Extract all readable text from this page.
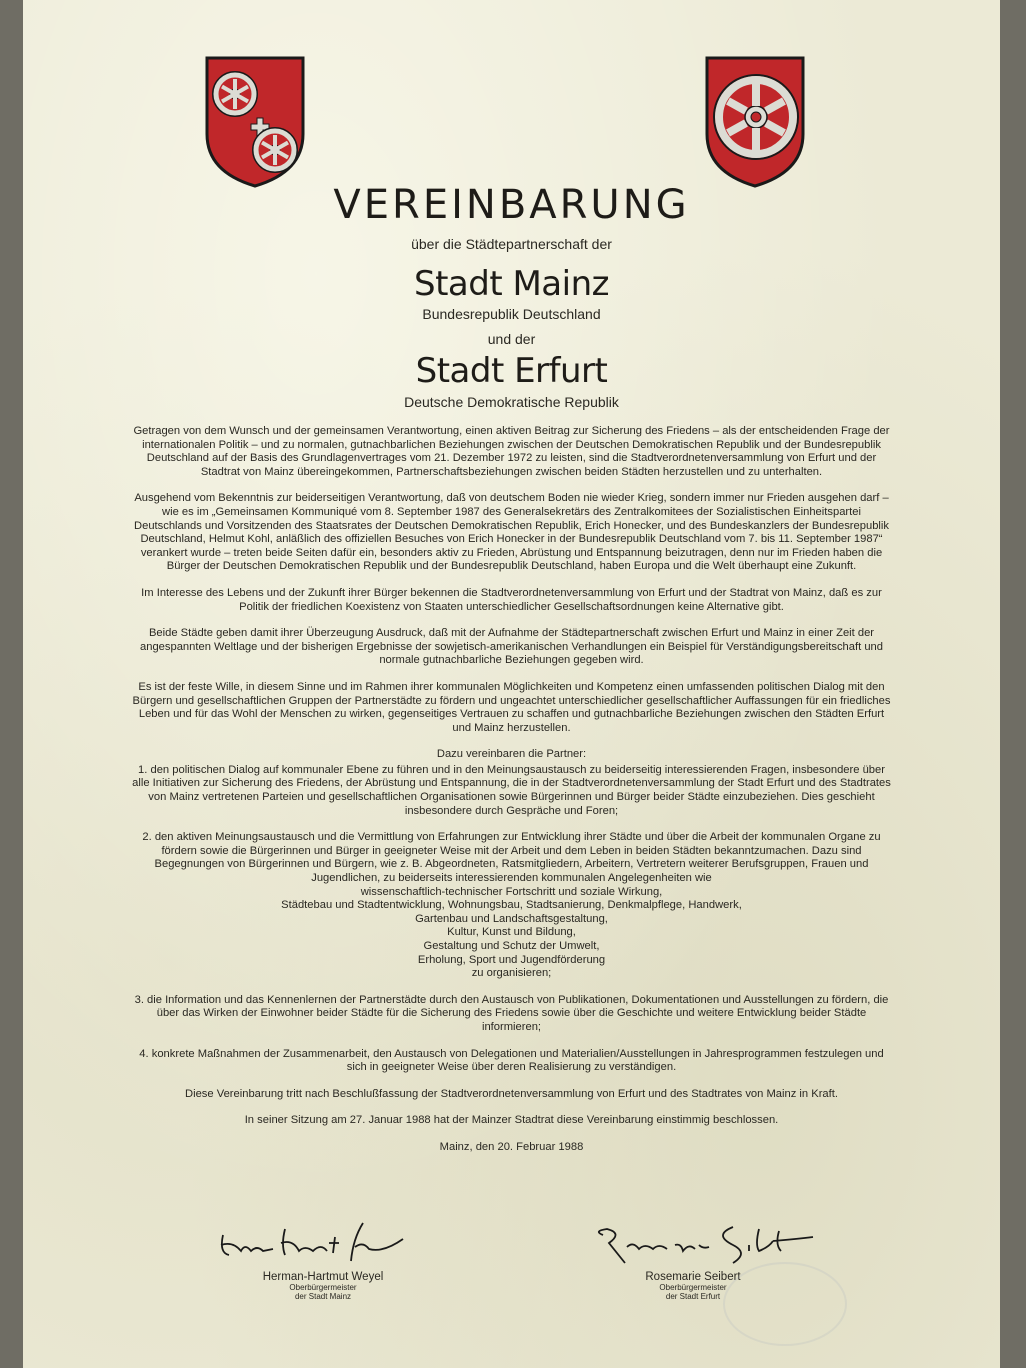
VEREINBARUNG
über die Städtepartnerschaft der
Stadt Mainz
Bundesrepublik Deutschland
und der
Stadt Erfurt
Deutsche Demokratische Republik

Getragen von dem Wunsch und der gemeinsamen Verantwortung, einen aktiven Beitrag zur Sicherung des Friedens – als der entscheidenden Frage der internationalen Politik – und zu normalen, gutnachbarlichen Beziehungen zwischen der Deutschen Demokratischen Republik und der Bundesrepublik Deutschland auf der Basis des Grundlagenvertrages vom 21. Dezember 1972 zu leisten, sind die Stadtverordnetenversammlung von Erfurt und der Stadtrat von Mainz übereingekommen, Partnerschaftsbeziehungen zwischen beiden Städten herzustellen und zu unterhalten.

Ausgehend vom Bekenntnis zur beiderseitigen Verantwortung, daß von deutschem Boden nie wieder Krieg, sondern immer nur Frieden ausgehen darf – wie es im „Gemeinsamen Kommuniqué vom 8. September 1987 des Generalsekretärs des Zentralkomitees der Sozialistischen Einheitspartei Deutschlands und Vorsitzenden des Staatsrates der Deutschen Demokratischen Republik, Erich Honecker, und des Bundeskanzlers der Bundesrepublik Deutschland, Helmut Kohl, anläßlich des offiziellen Besuches von Erich Honecker in der Bundesrepublik Deutschland vom 7. bis 11. September 1987“ verankert wurde – treten beide Seiten dafür ein, besonders aktiv zu Frieden, Abrüstung und Entspannung beizutragen, denn nur im Frieden haben die Bürger der Deutschen Demokratischen Republik und der Bundesrepublik Deutschland, haben Europa und die Welt überhaupt eine Zukunft.

Im Interesse des Lebens und der Zukunft ihrer Bürger bekennen die Stadtverordnetenversammlung von Erfurt und der Stadtrat von Mainz, daß es zur Politik der friedlichen Koexistenz von Staaten unterschiedlicher Gesellschaftsordnungen keine Alternative gibt.

Beide Städte geben damit ihrer Überzeugung Ausdruck, daß mit der Aufnahme der Städtepartnerschaft zwischen Erfurt und Mainz in einer Zeit der angespannten Weltlage und der bisherigen Ergebnisse der sowjetisch-amerikanischen Verhandlungen ein Beispiel für Verständigungsbereitschaft und normale gutnachbarliche Beziehungen gegeben wird.

Es ist der feste Wille, in diesem Sinne und im Rahmen ihrer kommunalen Möglichkeiten und Kompetenz einen umfassenden politischen Dialog mit den Bürgern und gesellschaftlichen Gruppen der Partnerstädte zu fördern und ungeachtet unterschiedlicher gesellschaftlicher Auffassungen für ein friedliches Leben und für das Wohl der Menschen zu wirken, gegenseitiges Vertrauen zu schaffen und gutnachbarliche Beziehungen zwischen den Städten Erfurt und Mainz herzustellen.

Dazu vereinbaren die Partner:

1. den politischen Dialog auf kommunaler Ebene zu führen und in den Meinungsaustausch zu beiderseitig interessierenden Fragen, insbesondere über alle Initiativen zur Sicherung des Friedens, der Abrüstung und Entspannung, die in der Stadtverordnetenversammlung der Stadt Erfurt und des Stadtrates von Mainz vertretenen Parteien und gesellschaftlichen Organisationen sowie Bürgerinnen und Bürger beider Städte einzubeziehen. Dies geschieht insbesondere durch Gespräche und Foren;

2. den aktiven Meinungsaustausch und die Vermittlung von Erfahrungen zur Entwicklung ihrer Städte und über die Arbeit der kommunalen Organe zu fördern sowie die Bürgerinnen und Bürger in geeigneter Weise mit der Arbeit und dem Leben in beiden Städten bekanntzumachen. Dazu sind Begegnungen von Bürgerinnen und Bürgern, wie z. B. Abgeordneten, Ratsmitgliedern, Arbeitern, Vertretern weiterer Berufsgruppen, Frauen und Jugendlichen, zu beiderseits interessierenden kommunalen Angelegenheiten wie

wissenschaftlich-technischer Fortschritt und soziale Wirkung,

Städtebau und Stadtentwicklung, Wohnungsbau, Stadtsanierung, Denkmalpflege, Handwerk,

Gartenbau und Landschaftsgestaltung,

Kultur, Kunst und Bildung,

Gestaltung und Schutz der Umwelt,

Erholung, Sport und Jugendförderung

zu organisieren;

3. die Information und das Kennenlernen der Partnerstädte durch den Austausch von Publikationen, Dokumentationen und Ausstellungen zu fördern, die über das Wirken der Einwohner beider Städte für die Sicherung des Friedens sowie über die Geschichte und weitere Entwicklung beider Städte informieren;

4. konkrete Maßnahmen der Zusammenarbeit, den Austausch von Delegationen und Materialien/Ausstellungen in Jahresprogrammen festzulegen und sich in geeigneter Weise über deren Realisierung zu verständigen.

Diese Vereinbarung tritt nach Beschlußfassung der Stadtverordnetenversammlung von Erfurt und des Stadtrates von Mainz in Kraft.

In seiner Sitzung am 27. Januar 1988 hat der Mainzer Stadtrat diese Vereinbarung einstimmig beschlossen.

Mainz, den 20. Februar 1988

Herman-Hartmut Weyel
Oberbürgermeister
der Stadt Mainz
Rosemarie Seibert
Oberbürgermeister
der Stadt Erfurt
